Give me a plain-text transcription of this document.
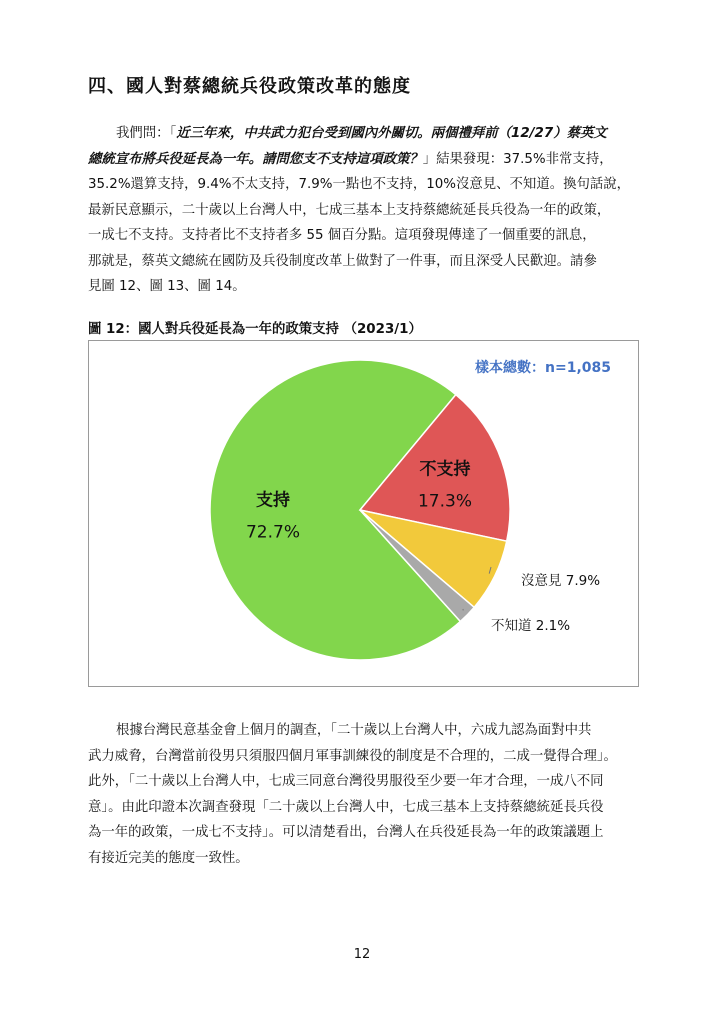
四、國人對蔡總統兵役政策改革的態度

我們問：「近三年來，中共武力犯台受到國內外關切。兩個禮拜前（12/27）蔡英文
總統宣布將兵役延長為一年。請問您支不支持這項政策？」結果發現：37.5%非常支持，
35.2%還算支持，9.4%不太支持，7.9%一點也不支持，10%沒意見、不知道。換句話說，
最新民意顯示，二十歲以上台灣人中，七成三基本上支持蔡總統延長兵役為一年的政策，
一成七不支持。支持者比不支持者多 55 個百分點。這項發現傳達了一個重要的訊息，
那就是，蔡英文總統在國防及兵役制度改革上做對了一件事，而且深受人民歡迎。請參
見圖 12、圖 13、圖 14。

圖 12：國人對兵役延長為一年的政策支持 （2023/1）

樣本總數：n=1,085
支持
72.7%
不支持
17.3%
沒意見 7.9%
不知道 2.1%
根據台灣民意基金會上個月的調查，「二十歲以上台灣人中，六成九認為面對中共
武力威脅，台灣當前役男只須服四個月軍事訓練役的制度是不合理的，二成一覺得合理」。
此外，「二十歲以上台灣人中，七成三同意台灣役男服役至少要一年才合理，一成八不同
意」。由此印證本次調查發現「二十歲以上台灣人中，七成三基本上支持蔡總統延長兵役
為一年的政策，一成七不支持」。可以清楚看出，台灣人在兵役延長為一年的政策議題上
有接近完美的態度一致性。
12
